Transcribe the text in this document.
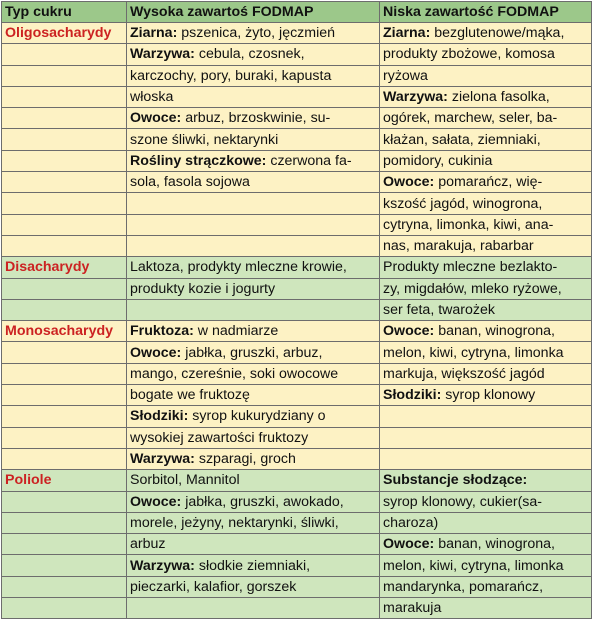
Typ cukru	Wysoka zawartoś FODMAP	Niska zawartość FODMAP
Oligosacharydy	Ziarna: pszenica, żyto, jęczmień	Ziarna: bezglutenowe/mąka,
	Warzywa: cebula, czosnek,	produkty zbożowe, komosa
	karczochy, pory, buraki, kapusta	ryżowa
	włoska	Warzywa: zielona fasolka,
	Owoce: arbuz, brzoskwinie, su-	ogórek, marchew, seler, ba-
	szone śliwki, nektarynki	kłażan, sałata, ziemniaki,
	Rośliny strączkowe: czerwona fa-	pomidory, cukinia
	sola, fasola sojowa	Owoce: pomarańcz, wię-
		kszość jagód, winogrona,
		cytryna, limonka, kiwi, ana-
		nas, marakuja, rabarbar
Disacharydy	Laktoza, prodykty mleczne krowie,	Produkty mleczne bezlakto-
	produkty kozie i jogurty	zy, migdałów, mleko ryżowe,
		ser feta, twarożek
Monosacharydy	Fruktoza: w nadmiarze	Owoce: banan, winogrona,
	Owoce: jabłka, gruszki, arbuz,	melon, kiwi, cytryna, limonka
	mango, czereśnie, soki owocowe	markuja, większość jagód
	bogate we fruktozę	Słodziki: syrop klonowy
	Słodziki: syrop kukurydziany o	
	wysokiej zawartości fruktozy	
	Warzywa: szparagi, groch	
Poliole	Sorbitol, Mannitol	Substancje słodzące:
	Owoce: jabłka, gruszki, awokado,	syrop klonowy, cukier(sa-
	morele, jeżyny, nektarynki, śliwki,	charoza)
	arbuz	Owoce: banan, winogrona,
	Warzywa: słodkie ziemniaki,	melon, kiwi, cytryna, limonka
	pieczarki, kalafior, gorszek	mandarynka, pomarańcz,
		marakuja
